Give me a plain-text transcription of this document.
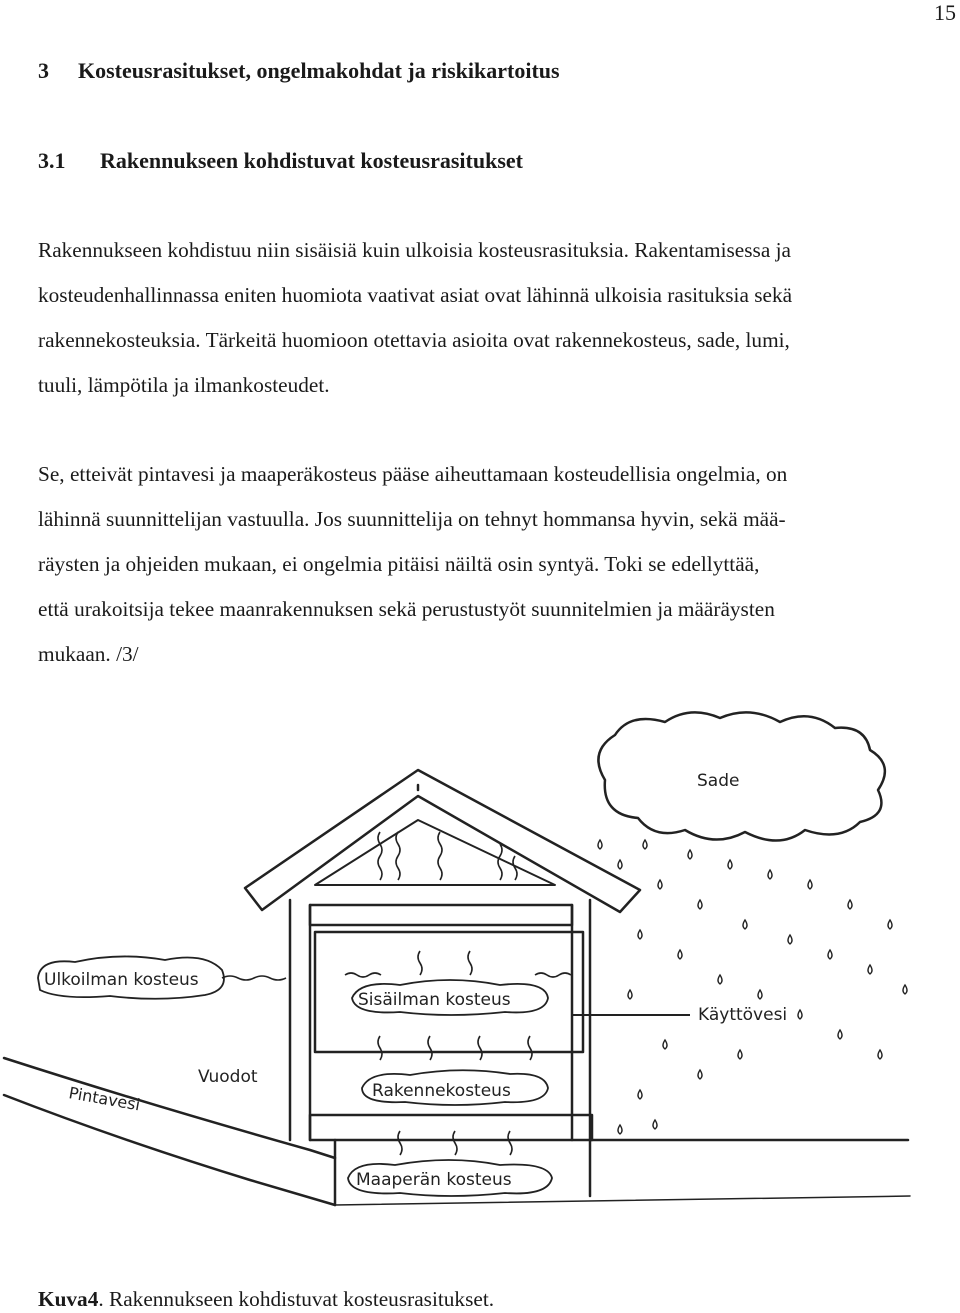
15
3 Kosteusrasitukset, ongelmakohdat ja riskikartoitus
3.1 Rakennukseen kohdistuvat kosteusrasitukset

Rakennukseen kohdistuu niin sisäisiä kuin ulkoisia kosteusrasituksia. Rakentamisessa ja
kosteudenhallinnassa eniten huomiota vaativat asiat ovat lähinnä ulkoisia rasituksia sekä
rakennekosteuksia. Tärkeitä huomioon otettavia asioita ovat rakennekosteus, sade, lumi,
tuuli, lämpötila ja ilmankosteudet.

Se, etteivät pintavesi ja maaperäkosteus pääse aiheuttamaan kosteudellisia ongelmia, on
lähinnä suunnittelijan vastuulla. Jos suunnittelija on tehnyt hommansa hyvin, sekä mää-
räysten ja ohjeiden mukaan, ei ongelmia pitäisi näiltä osin syntyä. Toki se edellyttää,
että urakoitsija tekee maanrakennuksen sekä perustustyöt suunnitelmien ja määräysten
mukaan. /3/

Sade
Ulkoilman kosteus
Sisäilman kosteus
Käyttövesi
Vuodot
Pintavesi	Rakennekosteus
Maaperän kosteus
Kuva4. Rakennukseen kohdistuvat kosteusrasitukset.
